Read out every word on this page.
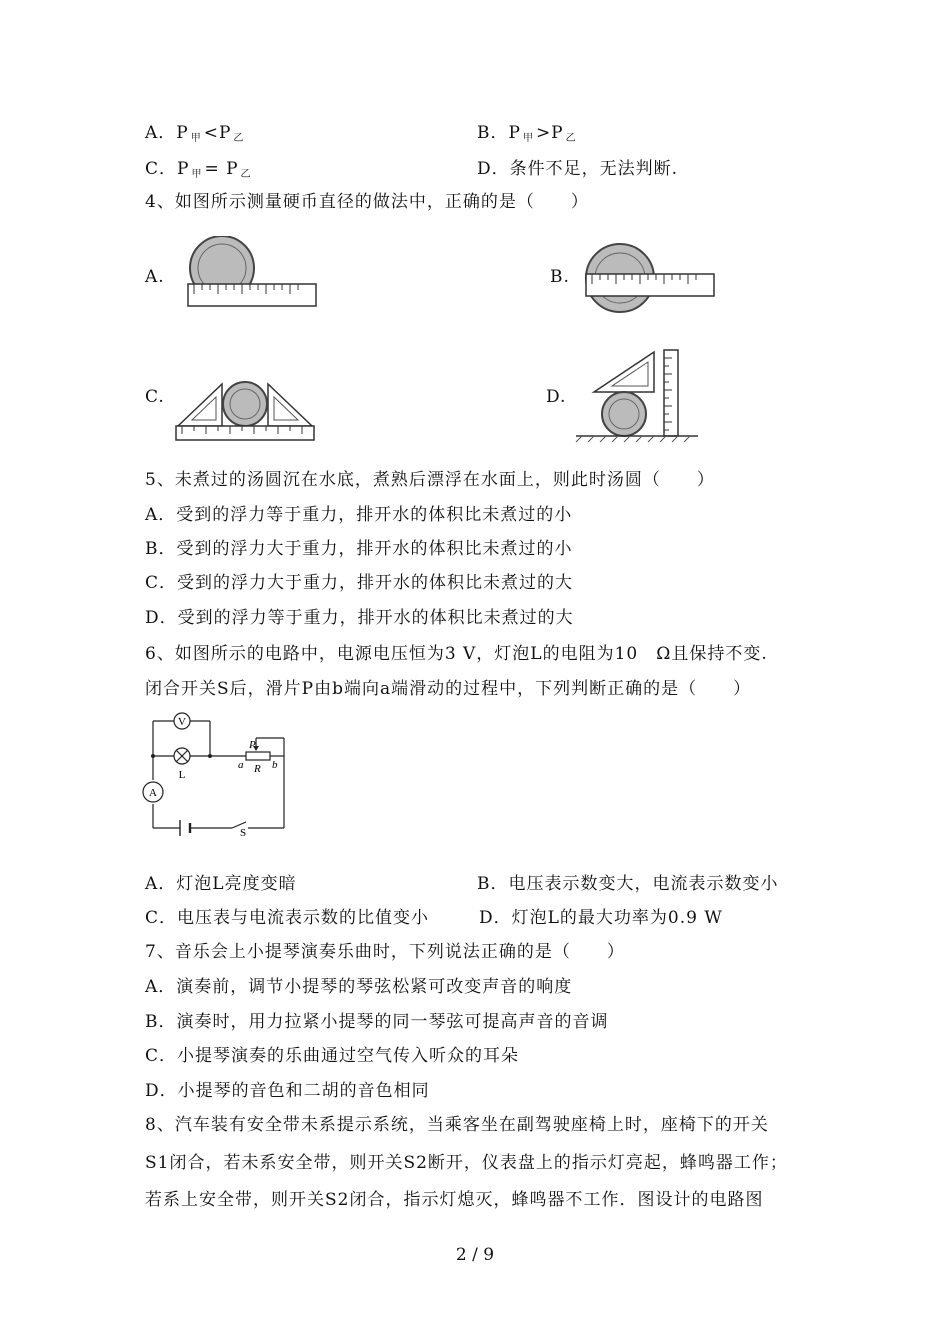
A．P $_甲$ <P $_乙$	B．P $_甲$ >P $_乙$
C．P $_甲$ = P $_乙$	D．条件不足，无法判断.
4、如图所示测量硬币直径的做法中，正确的是（　　）
A.	B.
C.	D.
5、未煮过的汤圆沉在水底，煮熟后漂浮在水面上，则此时汤圆（　　）
A．受到的浮力等于重力，排开水的体积比未煮过的小
B．受到的浮力大于重力，排开水的体积比未煮过的小
C．受到的浮力大于重力，排开水的体积比未煮过的大
D．受到的浮力等于重力，排开水的体积比未煮过的大
6、如图所示的电路中，电源电压恒为3 V，灯泡L的电阻为10　Ω且保持不变.
闭合开关S后，滑片P由b端向a端滑动的过程中，下列判断正确的是（　　）
V
L
A
P
a R b
S
A．灯泡L亮度变暗	B．电压表示数变大，电流表示数变小
C．电压表与电流表示数的比值变小	D．灯泡L的最大功率为0.9 W
7、音乐会上小提琴演奏乐曲时，下列说法正确的是（　　）
A．演奏前，调节小提琴的琴弦松紧可改变声音的响度
B．演奏时，用力拉紧小提琴的同一琴弦可提高声音的音调
C．小提琴演奏的乐曲通过空气传入听众的耳朵
D．小提琴的音色和二胡的音色相同
8、汽车装有安全带未系提示系统，当乘客坐在副驾驶座椅上时，座椅下的开关
S1闭合，若未系安全带，则开关S2断开，仪表盘上的指示灯亮起，蜂鸣器工作；
若系上安全带，则开关S2闭合，指示灯熄灭，蜂鸣器不工作．图设计的电路图
2 / 9
